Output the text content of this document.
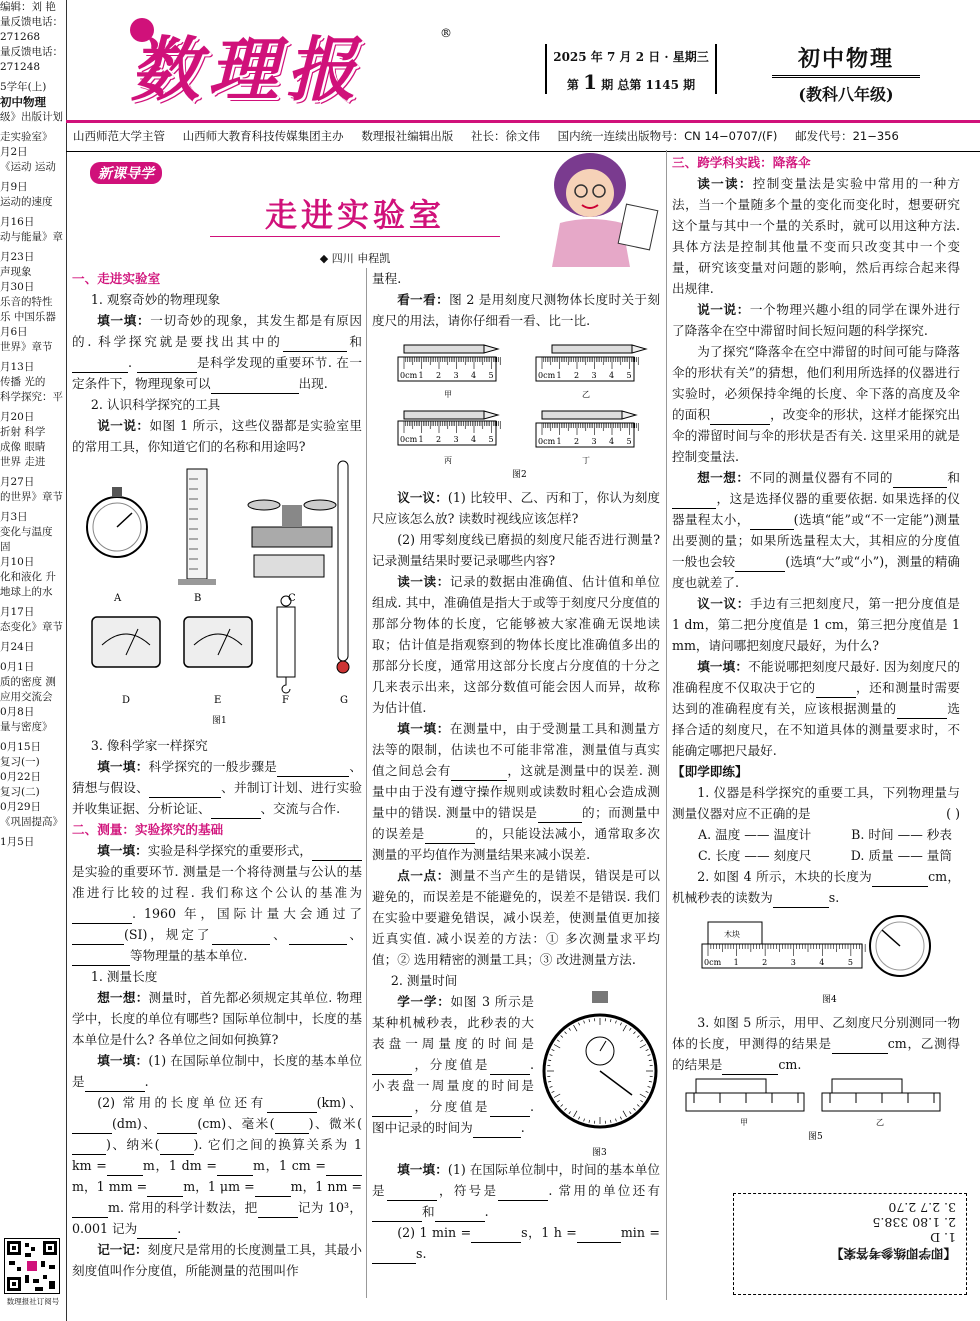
编辑：刘 艳
量反馈电话：
271268
量反馈电话：
271248
5学年(上)
初中物理
级》出版计划
走实验室》
月2日
《运动 运动
月9日
运动的速度
月16日
动与能量》章
月23日
声现象
月30日
乐音的特性
乐 中国乐器
月6日
世界》章节
月13日
传播 光的
科学探究：平
月20日
折射 科学
成像 眼睛
世界 走进
月27日
的世界》章节
月3日
变化与温度
固
月10日
化和液化 升
地球上的水
月17日
态变化》章节
月24日
0月1日
质的密度 测
应用交流会
0月8日
量与密度》
0月15日
复习(一)
0月22日
复习(二)
0月29日
《巩固提高》
1月5日
数理报社订阅号
数理报	®
2025 年 7 月 2 日 · 星期三
第 1 期 总第 1145 期
初中物理
(教科八年级)
山西师范大学主管 山西师大教育科技传媒集团主办 数理报社编辑出版 社长：徐文伟 国内统一连续出版物号：CN 14−0707/(F) 邮发代号：21−356
新课导学
走进实验室
◆ 四川 申程凯

一、走进实验室

1. 观察奇妙的物理现象

填一填：一切奇妙的现象，其发生都是有原因的. 科学探究就是要找出其中的	和.	是科学发现的重要环节. 在一定条件下，物理现象可以	出现.

2. 认识科学探究的工具

说一说：如图 1 所示，这些仪器都是实验室里的常用工具，你知道它们的名称和用途吗?

A	B	C
D	E	F	G
图1

3. 像科学家一样探究

填一填：科学探究的一般步骤是	、猜想与假设、	、并制订计划、进行实验并收集证据、分析论证、	、交流与合作.

二、测量：实验探究的基础

填一填：实验是科学探究的重要形式，是实验的重要环节. 测量是一个将待测量与公认的基准进行比较的过程. 我们称这个公认的基准为. 1960 年，国际计量大会通过了(SI)，规定了	、	、等物理量的基本单位.

1. 测量长度

想一想：测量时，首先都必须规定其单位. 物理学中，长度的单位有哪些? 国际单位制中，长度的基本单位是什么? 各单位之间如何换算?

填一填：(1) 在国际单位制中，长度的基本单位是	.

(2) 常用的长度单位还有	(km)、(dm)、	(cm)、毫米(	)、微米()、纳米(	). 它们之间的换算关系为 1 km =	m，1 dm =	m，1 cm =m，1 mm =	m，1 μm =	m，1 nm =m. 常用的科学计数法，把	记为 10³，0.001 记为	.

记一记：刻度尺是常用的长度测量工具，其最小刻度值叫作分度值，所能测量的范围叫作

量程.

看一看：图 2 是用刻度尺测物体长度时关于刻度尺的用法，请你仔细看一看、比一比.

0cm 1 2 3 4 5
甲
0cm 1 2 3 4 5
乙
0cm 1 2 3 4 5
丙
0cm 1 2 3 4 5
丁
图2

议一议：(1) 比较甲、乙、丙和丁，你认为刻度尺应该怎么放? 读数时视线应该怎样?

(2) 用零刻度线已磨损的刻度尺能否进行测量? 记录测量结果时要记录哪些内容?

读一读：记录的数据由准确值、估计值和单位组成. 其中，准确值是指大于或等于刻度尺分度值的那部分物体的长度，它能够被大家准确无误地读取；估计值是指观察到的物体长度比准确值多出的那部分长度，通常用这部分长度占分度值的十分之几来表示出来，这部分数值可能会因人而异，故称为估计值.

填一填：在测量中，由于受测量工具和测量方法等的限制，估读也不可能非常准，测量值与真实值之间总会有	，这就是测量中的误差. 测量中由于没有遵守操作规则或读数时粗心会造成测量中的错误. 测量中的错误是	的；而测量中的误差是	的，只能设法减小，通常取多次测量的平均值作为测量结果来减小误差.

点一点：测量不当产生的是错误，错误是可以避免的，而误差是不能避免的，误差不是错误. 我们在实验中要避免错误，减小误差，使测量值更加接近真实值. 减小误差的方法：① 多次测量求平均值；② 选用精密的测量工具；③ 改进测量方法.

2. 测量时间

学一学：如图 3 所示是某种机械秒表，此秒表的大表盘一周量度的时间是，分度值是	. 小表盘一周量度的时间是，分度值是	. 图中记录的时间为	.

图3

填一填：(1) 在国际单位制中，时间的基本单位是	，符号是	. 常用的单位还有和	.

(2) 1 min =	s，1 h =	min =s.

三、跨学科实践：降落伞

读一读：控制变量法是实验中常用的一种方法，当一个量随多个量的变化而变化时，想要研究这个量与其中一个量的关系时，就可以用这种方法. 具体方法是控制其他量不变而只改变其中一个变量，研究该变量对问题的影响，然后再综合起来得出规律.

说一说：一个物理兴趣小组的同学在课外进行了降落伞在空中滞留时间长短问题的科学探究.

为了探究“降落伞在空中滞留的时间可能与降落伞的形状有关”的猜想，他们利用所选择的仪器进行实验时，必须保持伞绳的长度、伞下落的高度及伞的面积	，改变伞的形状，这样才能探究出伞的滞留时间与伞的形状是否有关. 这里采用的就是控制变量法.

想一想：不同的测量仪器有不同的	和，这是选择仪器的重要依据. 如果选择的仪器量程太小，	(选填“能”或“不一定能”)测量出要测的量；如果所选量程太大，其相应的分度值一般也会较	(选填“大”或“小”)，测量的精确度也就差了.

议一议：手边有三把刻度尺，第一把分度值是 1 dm，第二把分度值是 1 cm，第三把分度值是 1 mm，请问哪把刻度尺最好，为什么?

填一填：不能说哪把刻度尺最好. 因为刻度尺的准确程度不仅取决于它的	，还和测量时需要达到的准确程度有关，应该根据测量的	选择合适的刻度尺，在不知道具体的测量要求时，不能确定哪把尺最好.

【即学即练】

1. 仪器是科学探究的重要工具，下列物理量与测量仪器对应不正确的是	( )

A. 温度 —— 温度计	B. 时间 —— 秒表
C. 长度 —— 刻度尺	D. 质量 —— 量筒

2. 如图 4 所示，木块的长度为	cm，机械秒表的读数为	s.

木块
0cm 1	2	3	4	5
图4

3. 如图 5 所示，用甲、乙刻度尺分别测同一物体的长度，甲测得的结果是	cm，乙测得的结果是	cm.

甲	乙
图5
【即学即练参考答案】
1. D
2. 1.80 338.5
3. 2.7 2.70
